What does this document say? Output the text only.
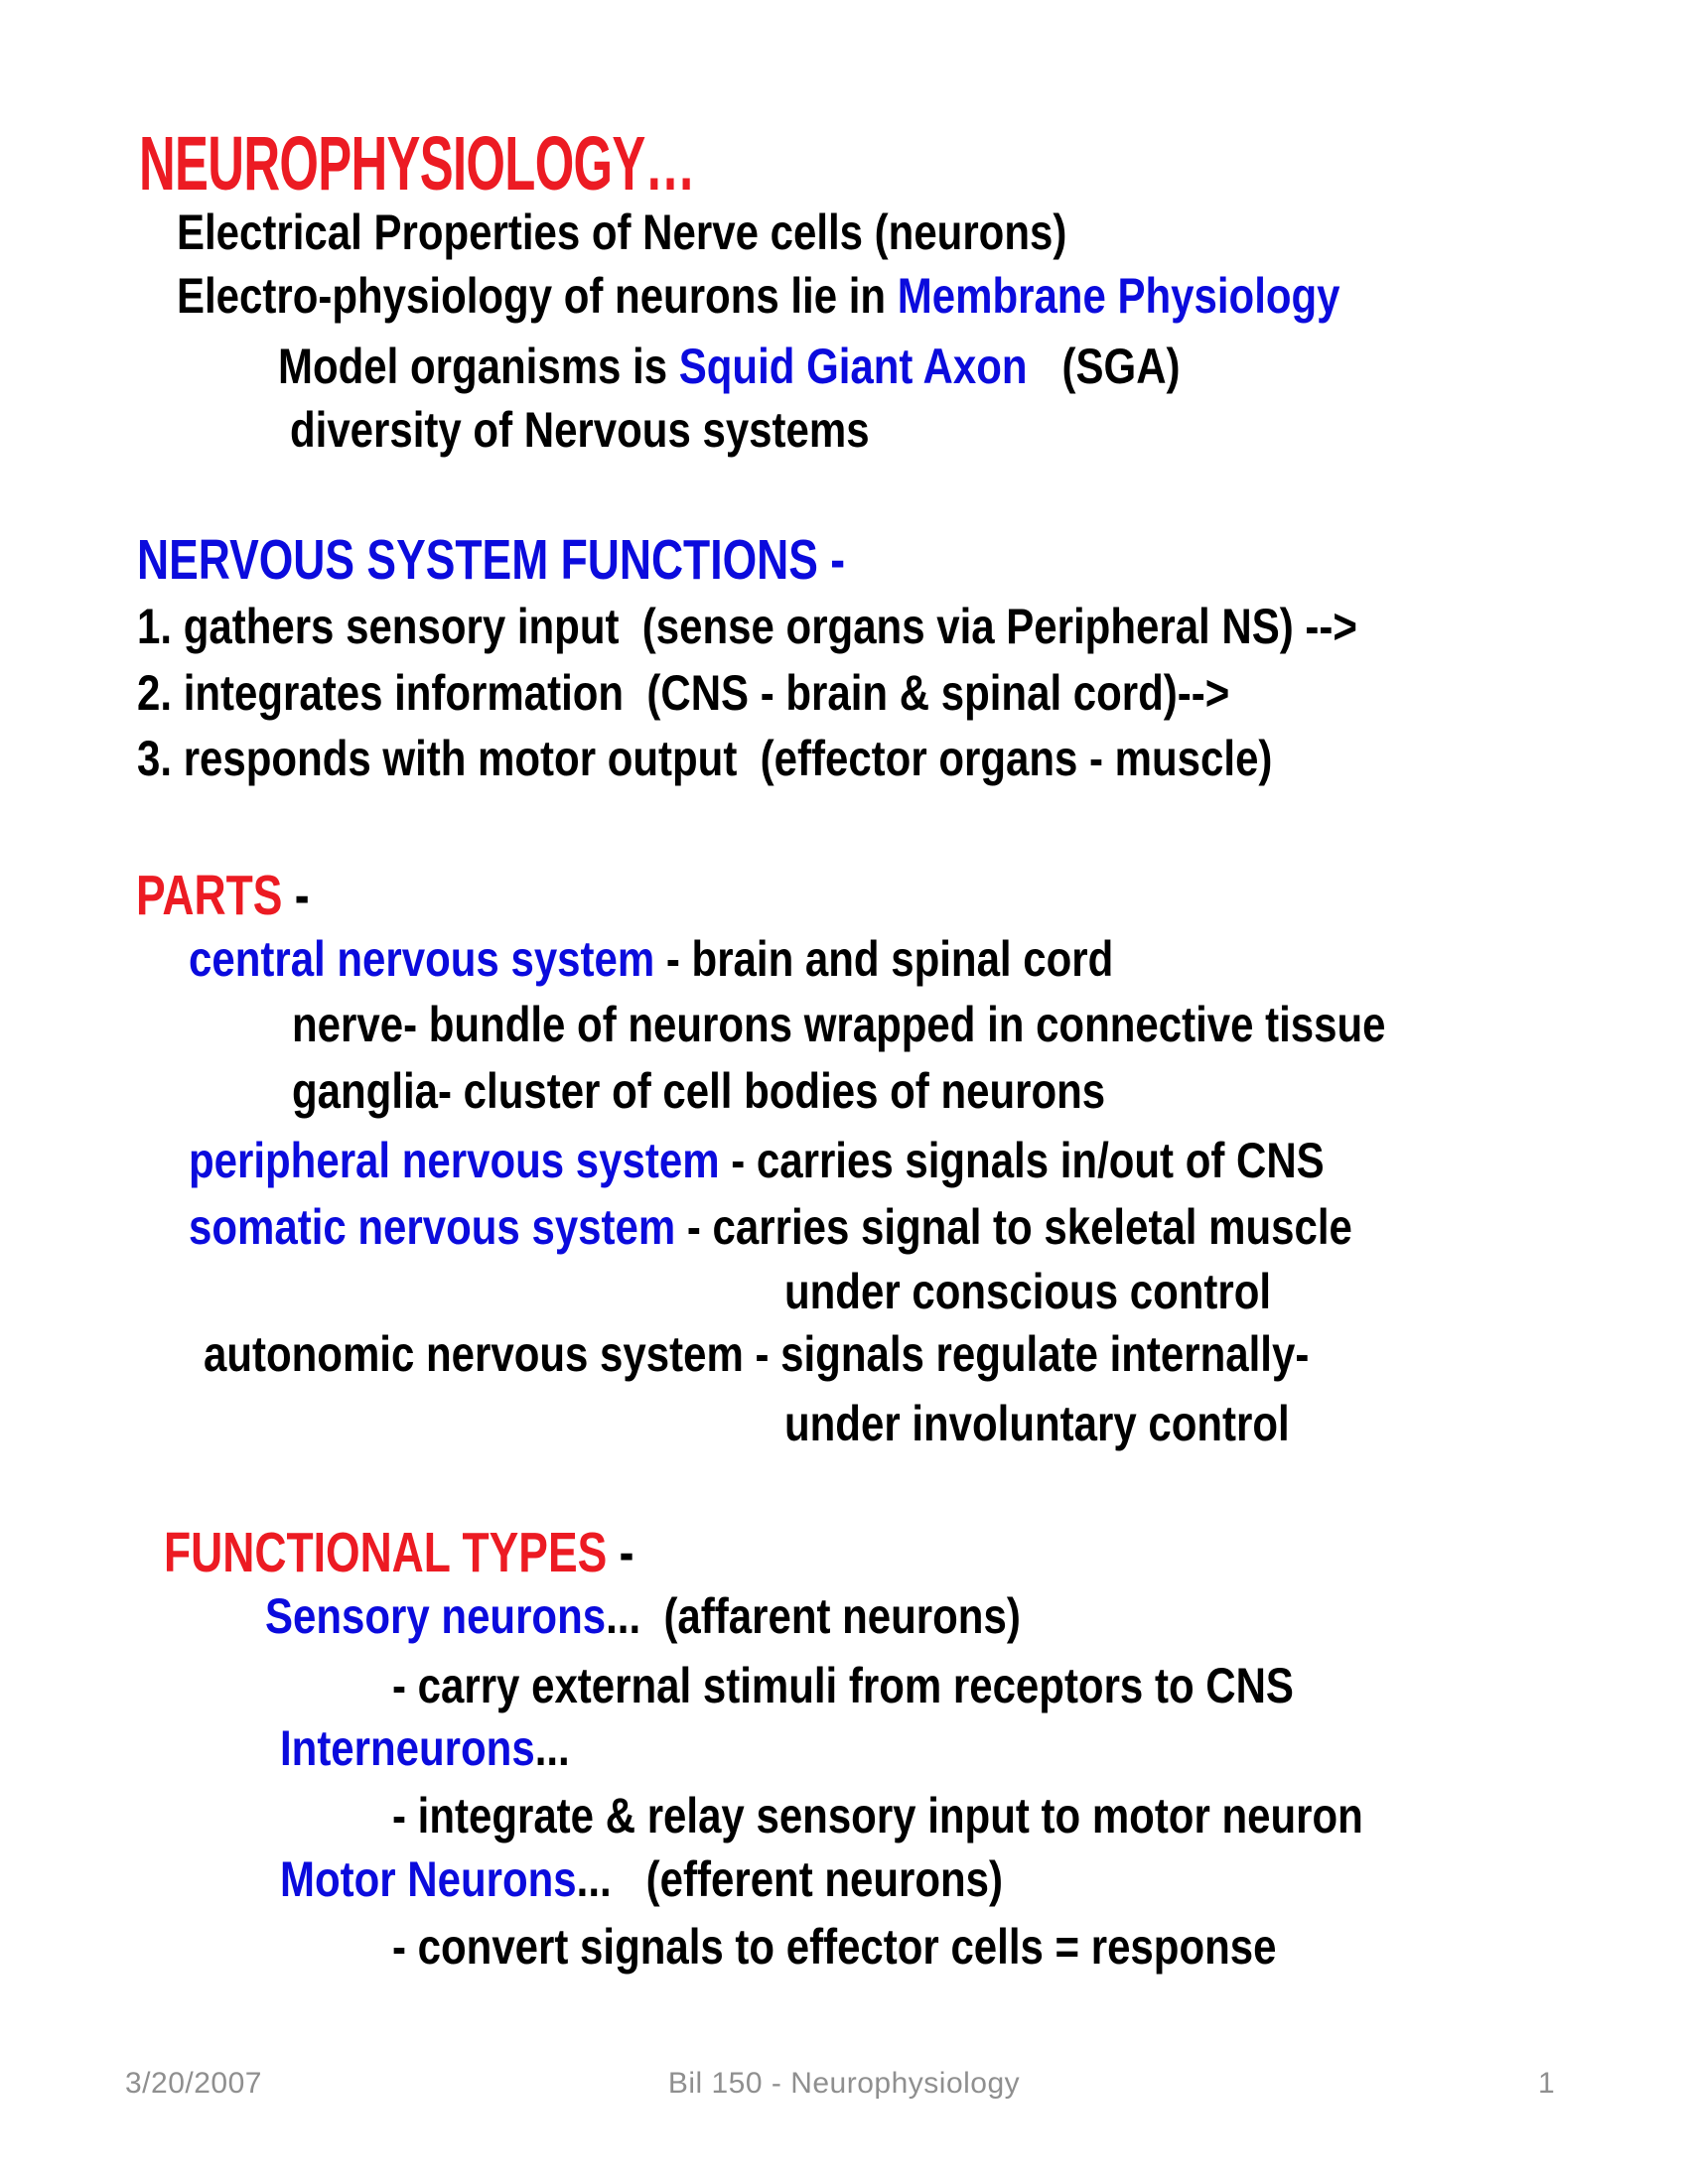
NEUROPHYSIOLOGY…
Electrical Properties of Nerve cells (neurons)
Electro-physiology of neurons lie in Membrane Physiology
Model organisms is Squid Giant Axon   (SGA)
diversity of Nervous systems
NERVOUS SYSTEM FUNCTIONS -
1. gathers sensory input  (sense organs via Peripheral NS) -->
2. integrates information  (CNS - brain & spinal cord)-->
3. responds with motor output  (effector organs - muscle)
PARTS -
central nervous system - brain and spinal cord
nerve- bundle of neurons wrapped in connective tissue
ganglia- cluster of cell bodies of neurons
peripheral nervous system - carries signals in/out of CNS
somatic nervous system - carries signal to skeletal muscle
under conscious control
autonomic nervous system - signals regulate internally-
under involuntary control
FUNCTIONAL TYPES -
Sensory neurons...  (affarent neurons)
- carry external stimuli from receptors to CNS
Interneurons...
- integrate & relay sensory input to motor neuron
Motor Neurons...   (efferent neurons)
- convert signals to effector cells = response
3/20/2007	Bil 150 - Neurophysiology	1
